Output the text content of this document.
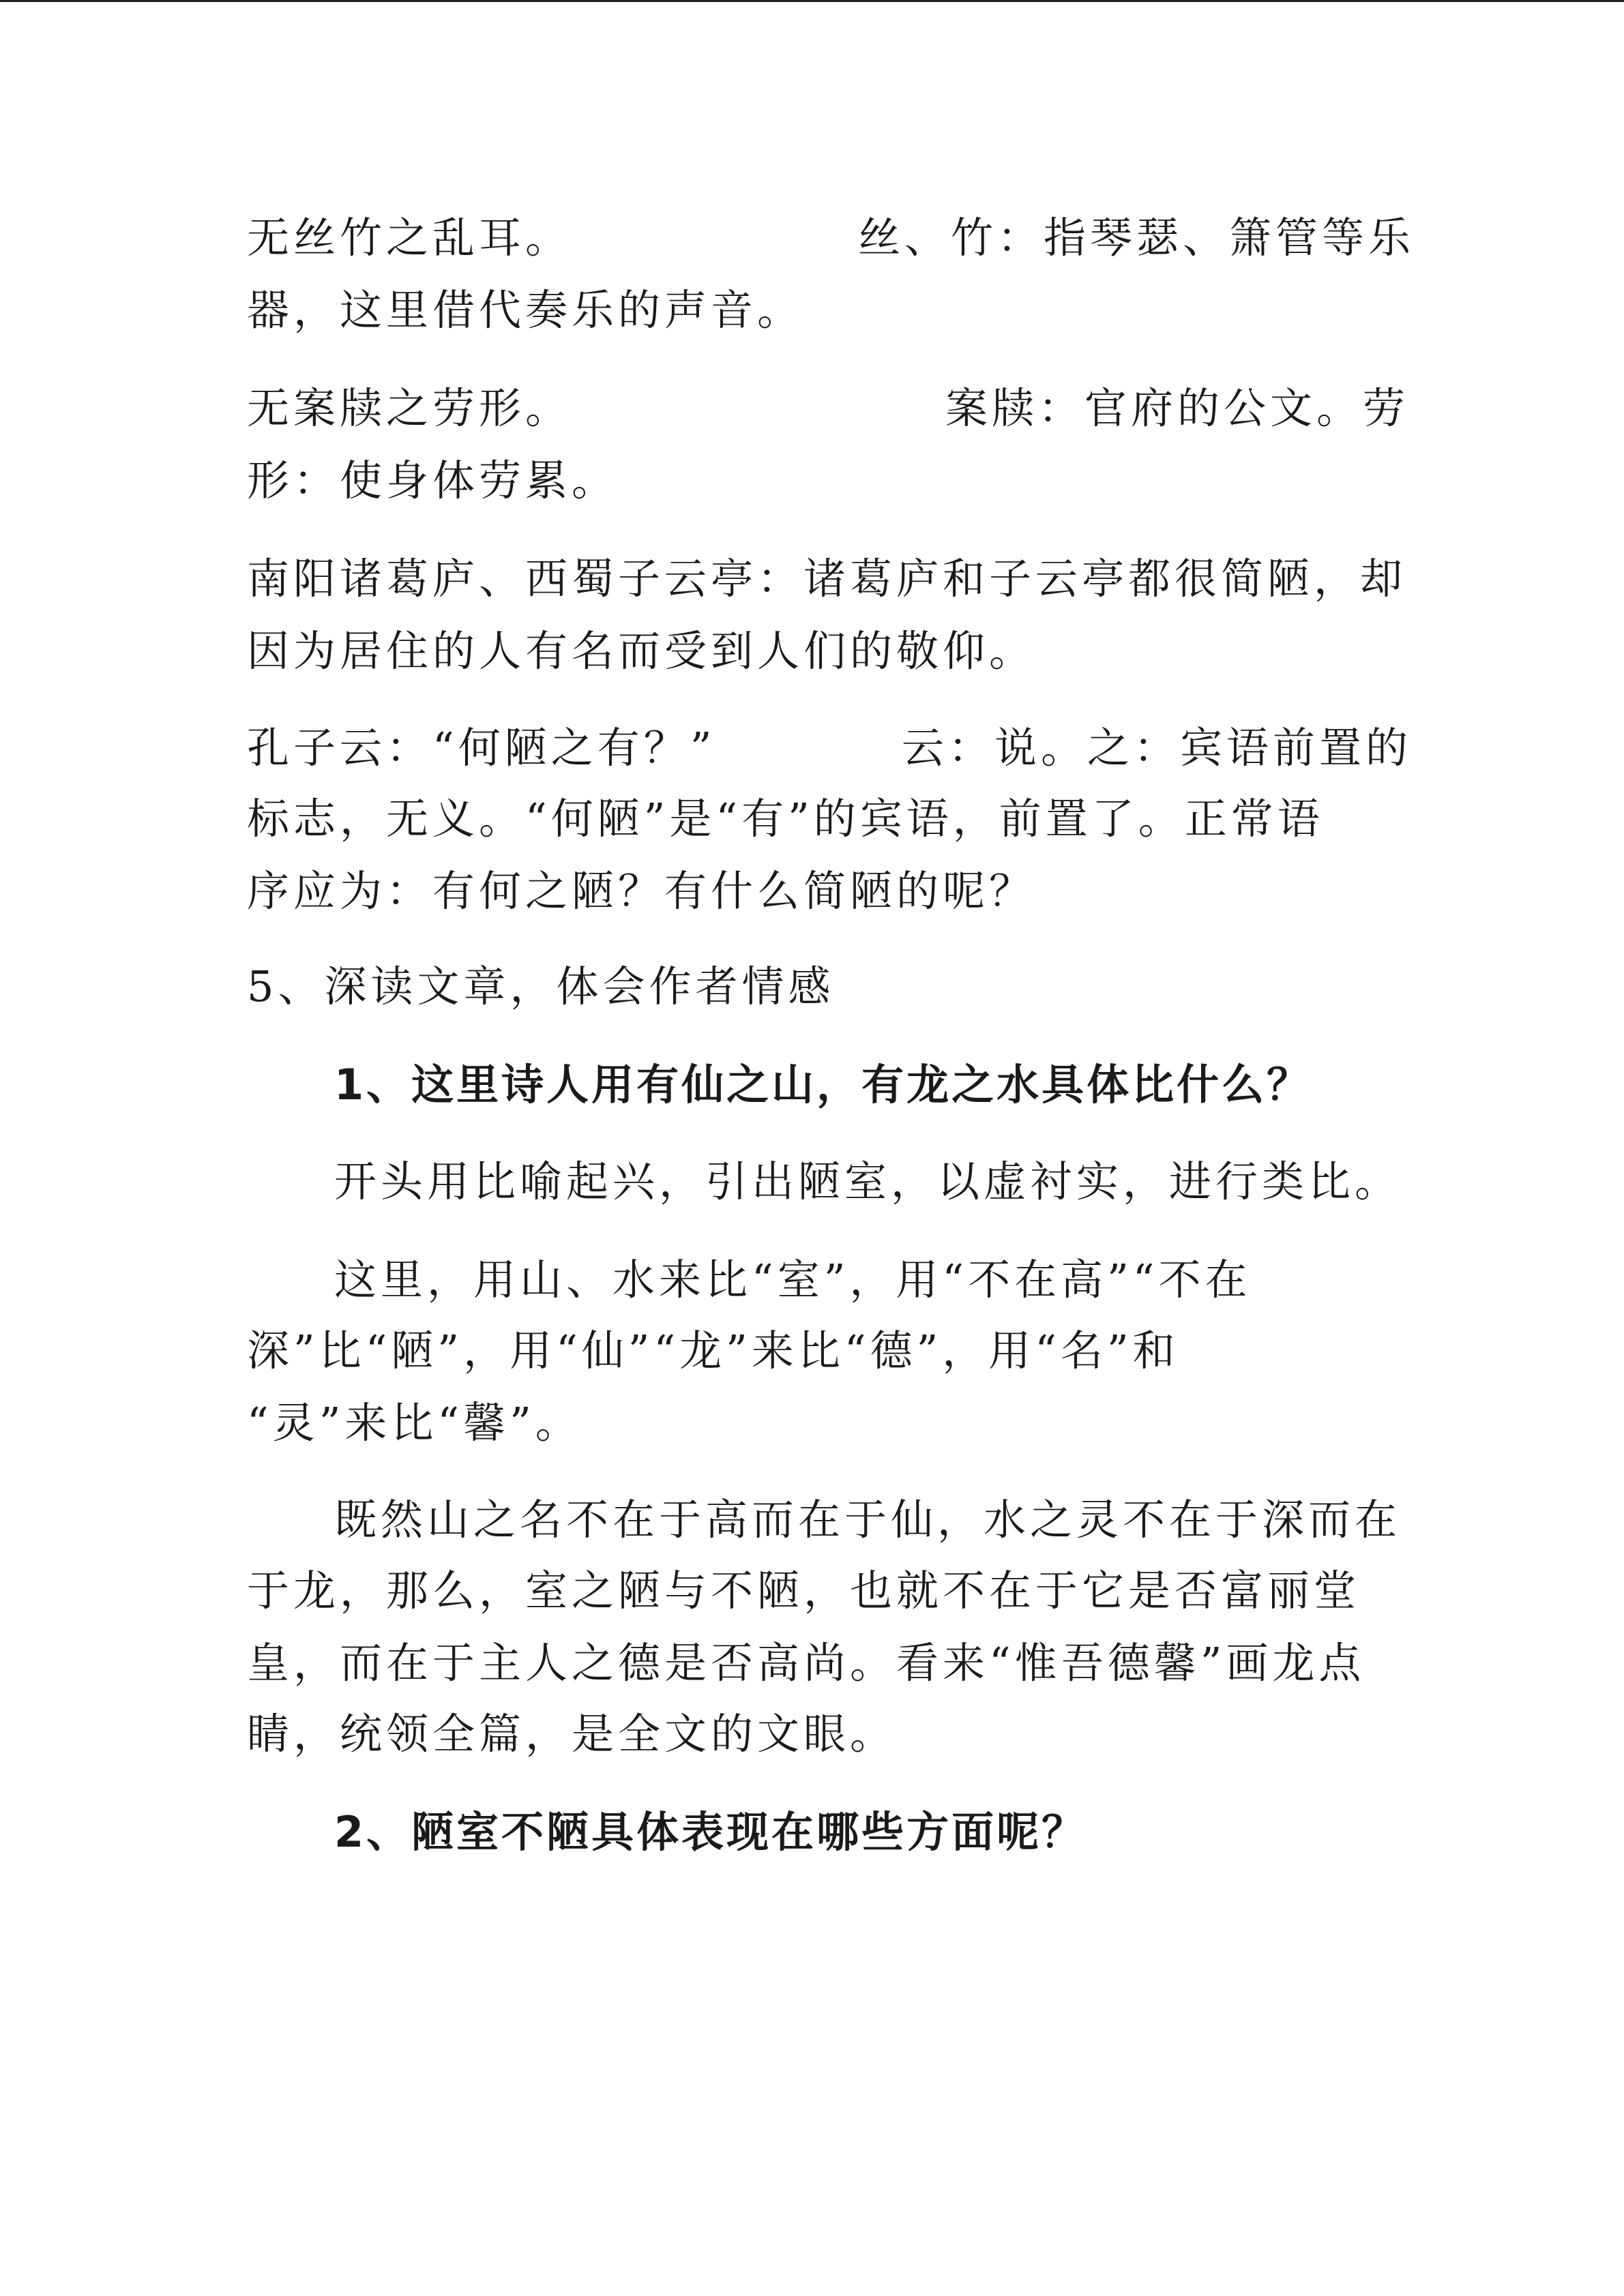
无丝竹之乱耳。	丝、竹：指琴瑟、箫管等乐
器，这里借代奏乐的声音。
无案牍之劳形。	案牍：官府的公文。劳
形：使身体劳累。
南阳诸葛庐、西蜀子云亭：诸葛庐和子云亭都很简陋，却
因为居住的人有名而受到人们的敬仰。
孔子云：“何陋之有？”	云：说。之：宾语前置的
标志，无义。“何陋”是“有”的宾语，前置了。正常语
序应为：有何之陋？有什么简陋的呢？
5、深读文章，体会作者情感
1、这里诗人用有仙之山，有龙之水具体比什么？
开头用比喻起兴，引出陋室，以虚衬实，进行类比。
这里，用山、水来比“室”，用“不在高”“不在
深”比“陋”，用“仙”“龙”来比“德”，用“名”和
“灵”来比“馨”。
既然山之名不在于高而在于仙，水之灵不在于深而在
于龙，那么，室之陋与不陋，也就不在于它是否富丽堂
皇，而在于主人之德是否高尚。看来“惟吾德馨”画龙点
睛，统领全篇，是全文的文眼。
2、陋室不陋具体表现在哪些方面呢？
